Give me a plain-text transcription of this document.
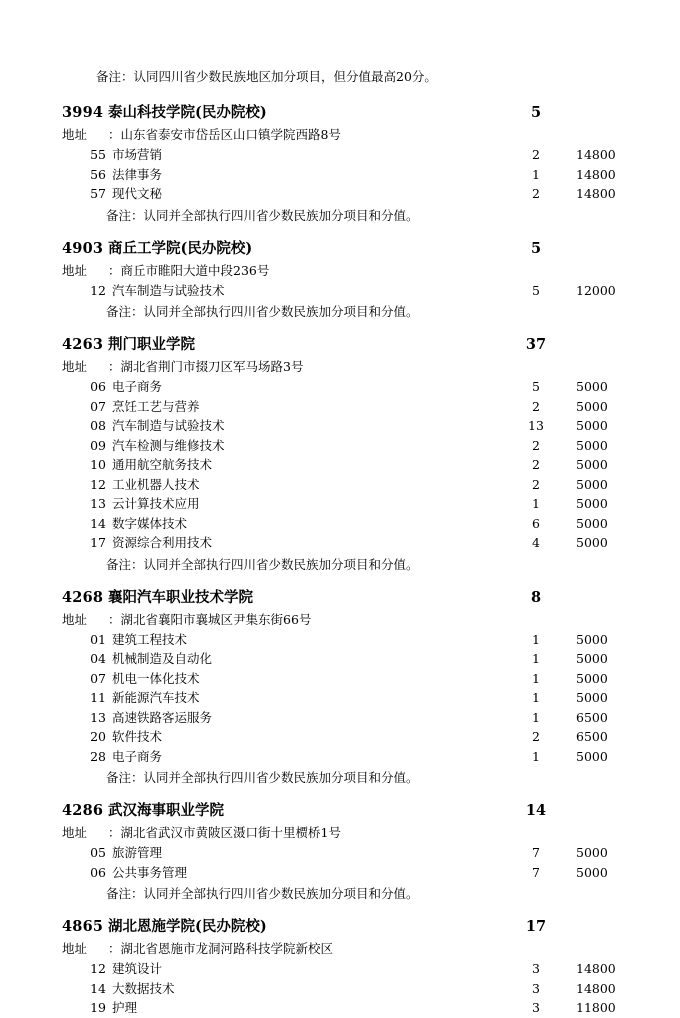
备注：认同四川省少数民族地区加分项目，但分值最高20分。
3994 泰山科技学院(民办院校)	5
地址	： 山东省泰安市岱岳区山口镇学院西路8号
55 市场营销	2	14800
56 法律事务	1	14800
57 现代文秘	2	14800
备注 ： 认同并全部执行四川省少数民族加分项目和分值。
4903 商丘工学院(民办院校)	5
地址	： 商丘市睢阳大道中段236号
12 汽车制造与试验技术	5	12000
备注 ： 认同并全部执行四川省少数民族加分项目和分值。
4263 荆门职业学院	37
地址	： 湖北省荆门市掇刀区军马场路3号
06 电子商务	5	5000
07 烹饪工艺与营养	2	5000
08 汽车制造与试验技术	13	5000
09 汽车检测与维修技术	2	5000
10 通用航空航务技术	2	5000
12 工业机器人技术	2	5000
13 云计算技术应用	1	5000
14 数字媒体技术	6	5000
17 资源综合利用技术	4	5000
备注 ： 认同并全部执行四川省少数民族加分项目和分值。
4268 襄阳汽车职业技术学院	8
地址	： 湖北省襄阳市襄城区尹集东街66号
01 建筑工程技术	1	5000
04 机械制造及自动化	1	5000
07 机电一体化技术	1	5000
11 新能源汽车技术	1	5000
13 高速铁路客运服务	1	6500
20 软件技术	2	6500
28 电子商务	1	5000
备注 ： 认同并全部执行四川省少数民族加分项目和分值。
4286 武汉海事职业学院	14
地址	： 湖北省武汉市黄陂区滠口街十里槚桥1号
05 旅游管理	7	5000
06 公共事务管理	7	5000
备注 ： 认同并全部执行四川省少数民族加分项目和分值。
4865 湖北恩施学院(民办院校)	17
地址	： 湖北省恩施市龙洞河路科技学院新校区
12 建筑设计	3	14800
14 大数据技术	3	14800
19 护理	3	11800
